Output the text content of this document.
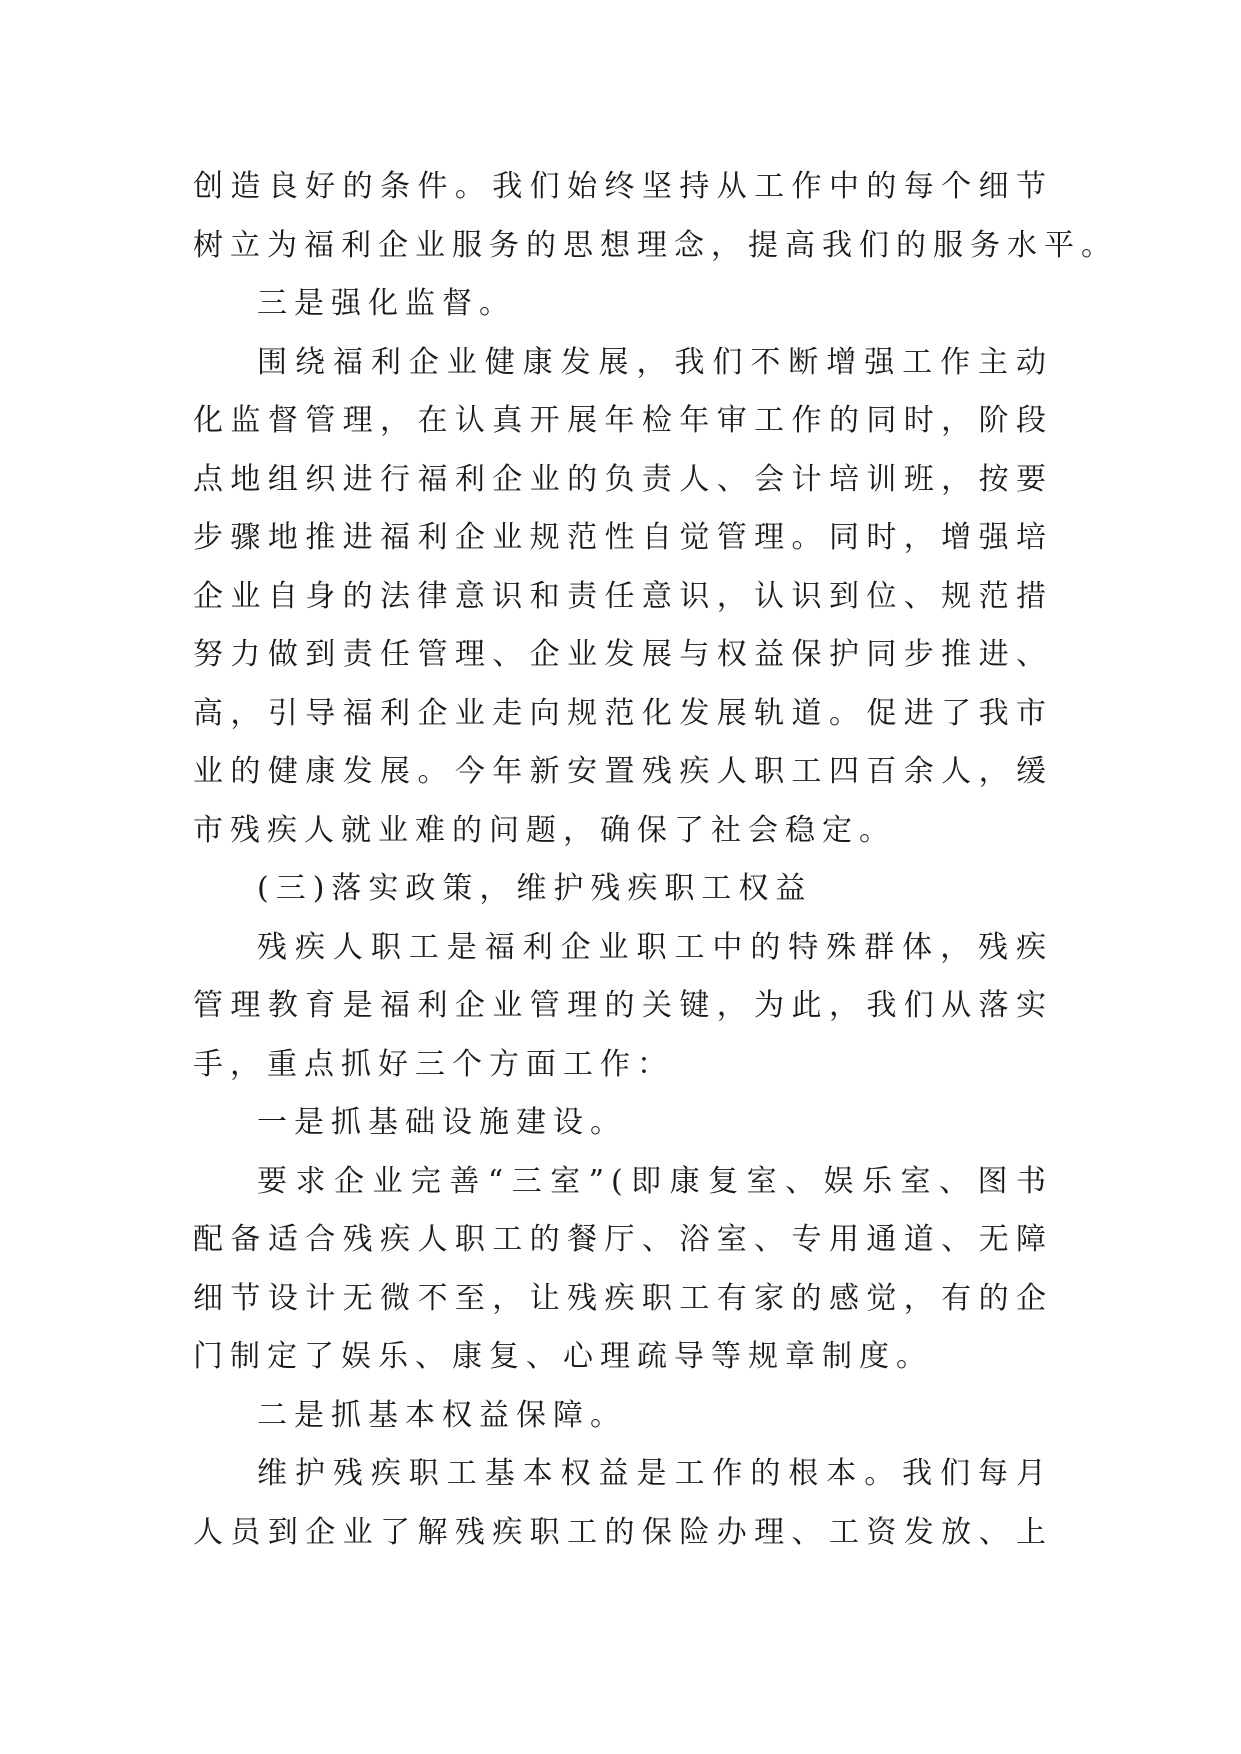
创造良好的条件。我们始终坚持从工作中的每个细节
树立为福利企业服务的思想理念，提高我们的服务水平。
三是强化监督。
围绕福利企业健康发展，我们不断增强工作主动
化监督管理，在认真开展年检年审工作的同时，阶段
点地组织进行福利企业的负责人、会计培训班，按要
步骤地推进福利企业规范性自觉管理。同时，增强培
企业自身的法律意识和责任意识，认识到位、规范措
努力做到责任管理、企业发展与权益保护同步推进、
高，引导福利企业走向规范化发展轨道。促进了我市
业的健康发展。今年新安置残疾人职工四百余人，缓
市残疾人就业难的问题，确保了社会稳定。
(三)落实政策，维护残疾职工权益
残疾人职工是福利企业职工中的特殊群体，残疾
管理教育是福利企业管理的关键，为此，我们从落实
手，重点抓好三个方面工作：
一是抓基础设施建设。
要求企业完善“三室”(即康复室、娱乐室、图书
配备适合残疾人职工的餐厅、浴室、专用通道、无障
细节设计无微不至，让残疾职工有家的感觉，有的企
门制定了娱乐、康复、心理疏导等规章制度。
二是抓基本权益保障。
维护残疾职工基本权益是工作的根本。我们每月
人员到企业了解残疾职工的保险办理、工资发放、上
